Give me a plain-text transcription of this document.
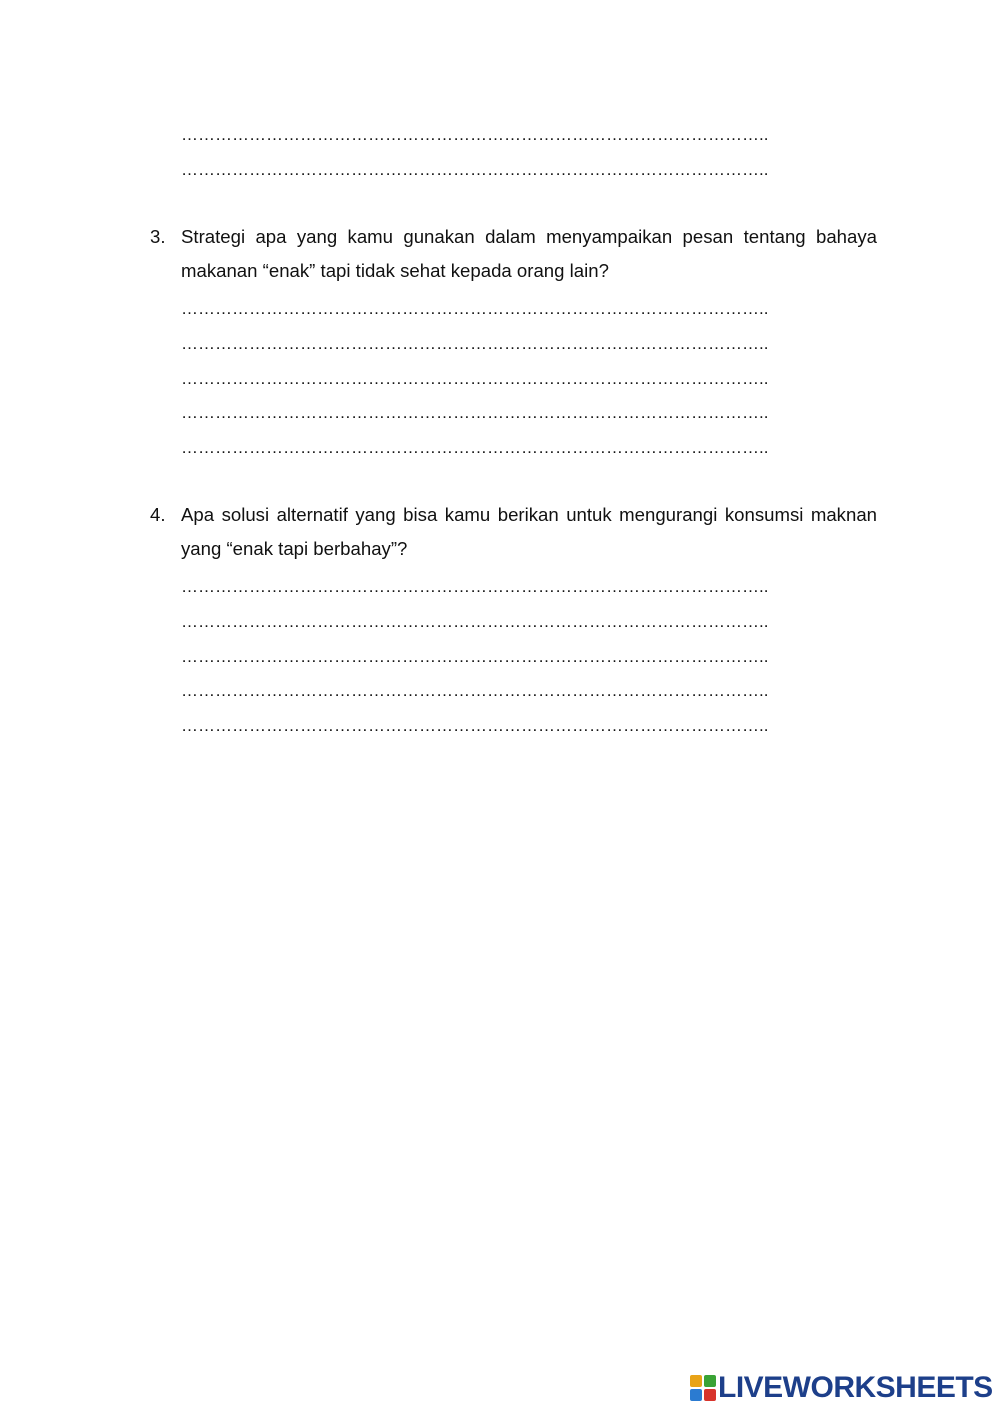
…………………………………………………………………………………………..
…………………………………………………………………………………………..
3. Strategi apa yang kamu gunakan dalam menyampaikan pesan tentang bahaya makanan “enak” tapi tidak sehat kepada orang lain?
…………………………………………………………………………………………..
…………………………………………………………………………………………..
…………………………………………………………………………………………..
…………………………………………………………………………………………..
…………………………………………………………………………………………..
4. Apa solusi alternatif yang bisa kamu berikan untuk mengurangi konsumsi maknan yang “enak tapi berbahay”?
…………………………………………………………………………………………..
…………………………………………………………………………………………..
…………………………………………………………………………………………..
…………………………………………………………………………………………..
…………………………………………………………………………………………..
LIVEWORKSHEETS
